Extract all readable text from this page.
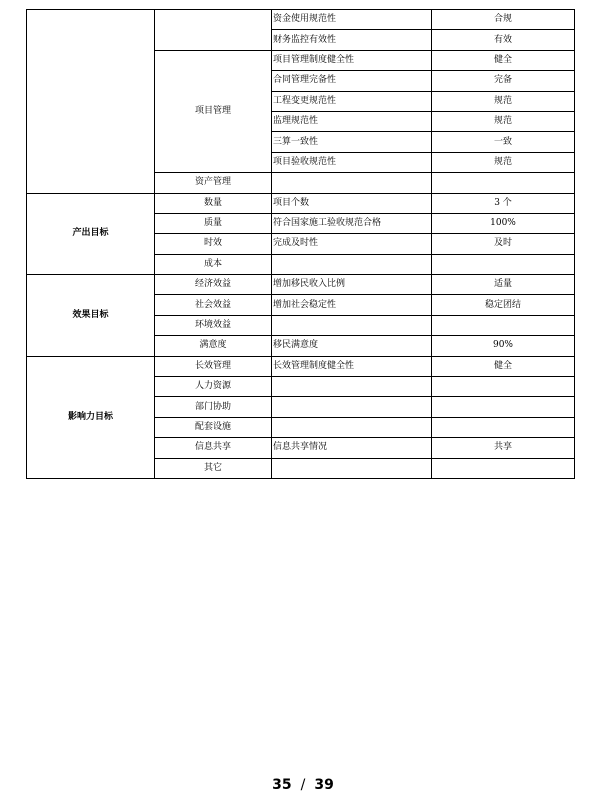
		资金使用规范性	合规
		财务监控有效性	有效
	项目管理	项目管理制度健全性	健全
		合同管理完备性	完备
		工程变更规范性	规范
		监理规范性	规范
		三算一致性	一致
		项目验收规范性	规范
	资产管理		
产出目标	数量	项目个数	3 个
	质量	符合国家施工验收规范合格	100%
	时效	完成及时性	及时
	成本		
效果目标	经济效益	增加移民收入比例	适量
	社会效益	增加社会稳定性	稳定团结
	环境效益		
	满意度	移民满意度	90%
影响力目标	长效管理	长效管理制度健全性	健全
	人力资源		
	部门协助		
	配套设施		
	信息共享	信息共享情况	共享
	其它		
35 / 39
